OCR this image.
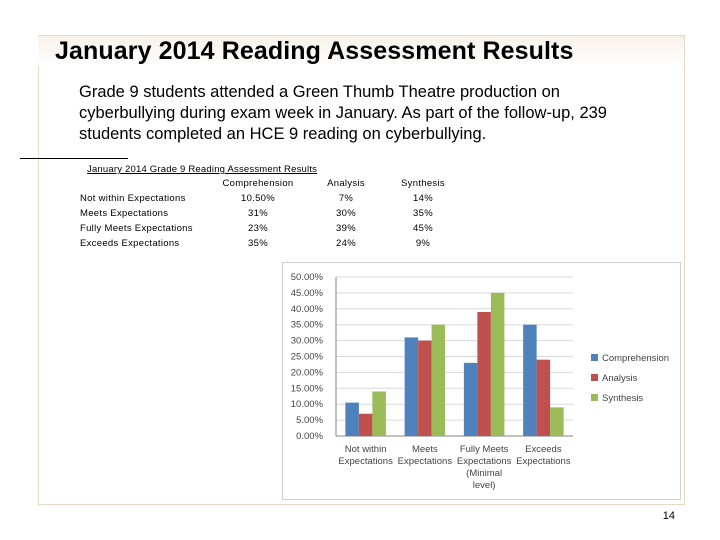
January 2014 Reading Assessment Results
Grade 9 students attended a Green Thumb Theatre production on cyberbullying during exam week in January. As part of the follow-up, 239 students completed an HCE 9 reading on cyberbullying.
January 2014 Grade 9 Reading Assessment Results
	Comprehension	Analysis	Synthesis
Not within Expectations	10.50%	7%	14%
Meets Expectations	31%	30%	35%
Fully Meets Expectations	23%	39%	45%
Exceeds Expectations	35%	24%	9%
0.00%
5.00%
10.00%
15.00%
20.00%
25.00%
30.00%
35.00%
40.00%
45.00%
50.00%
Not within
Expectations
Meets
Expectations
Fully Meets
Expectations
(Minimal
level)
Exceeds
Expectations
Comprehension
Analysis
Synthesis
14
